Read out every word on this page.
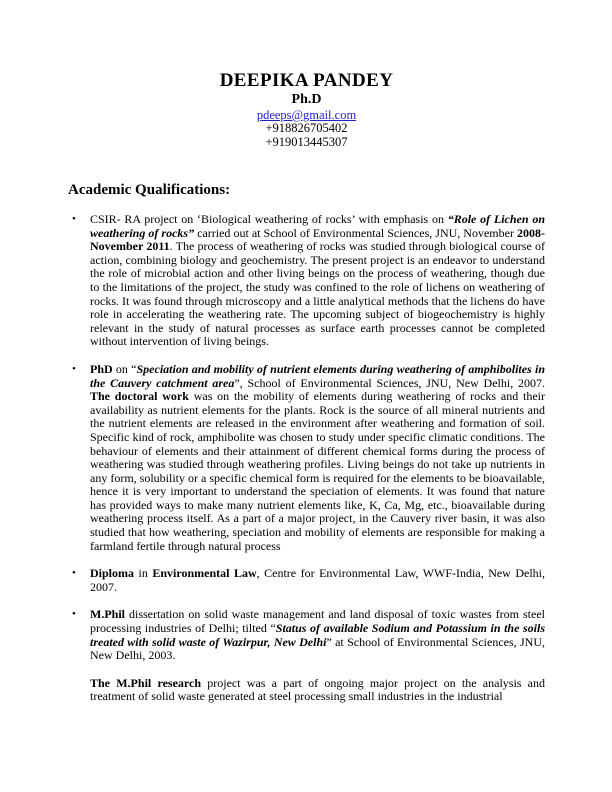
DEEPIKA PANDEY
Ph.D
pdeeps@gmail.com
+918826705402
+919013445307
Academic Qualifications:
•	CSIR- RA project on ‘Biological weathering of rocks’ with emphasis on “Role of Lichen on weathering of rocks” carried out at School of Environmental Sciences, JNU, November 2008- November 2011. The process of weathering of rocks was studied through biological course of action, combining biology and geochemistry. The present project is an endeavor to understand the role of microbial action and other living beings on the process of weathering, though due to the limitations of the project, the study was confined to the role of lichens on weathering of rocks. It was found through microscopy and a little analytical methods that the lichens do have role in accelerating the weathering rate. The upcoming subject of biogeochemistry is highly relevant in the study of natural processes as surface earth processes cannot be completed without intervention of living beings.
•	PhD on “Speciation and mobility of nutrient elements during weathering of amphibolites in the Cauvery catchment area”, School of Environmental Sciences, JNU, New Delhi, 2007. The doctoral work was on the mobility of elements during weathering of rocks and their availability as nutrient elements for the plants. Rock is the source of all mineral nutrients and the nutrient elements are released in the environment after weathering and formation of soil. Specific kind of rock, amphibolite was chosen to study under specific climatic conditions. The behaviour of elements and their attainment of different chemical forms during the process of weathering was studied through weathering profiles. Living beings do not take up nutrients in any form, solubility or a specific chemical form is required for the elements to be bioavailable, hence it is very important to understand the speciation of elements. It was found that nature has provided ways to make many nutrient elements like, K, Ca, Mg, etc., bioavailable during weathering process itself. As a part of a major project, in the Cauvery river basin, it was also studied that how weathering, speciation and mobility of elements are responsible for making a farmland fertile through natural process
•	Diploma in Environmental Law, Centre for Environmental Law, WWF-India, New Delhi, 2007.
•	M.Phil dissertation on solid waste management and land disposal of toxic wastes from steel processing industries of Delhi; tilted “Status of available Sodium and Potassium in the soils treated with solid waste of Wazirpur, New Delhi” at School of Environmental Sciences, JNU, New Delhi, 2003.
The M.Phil research project was a part of ongoing major project on the analysis and treatment of solid waste generated at steel processing small industries in the industrial
